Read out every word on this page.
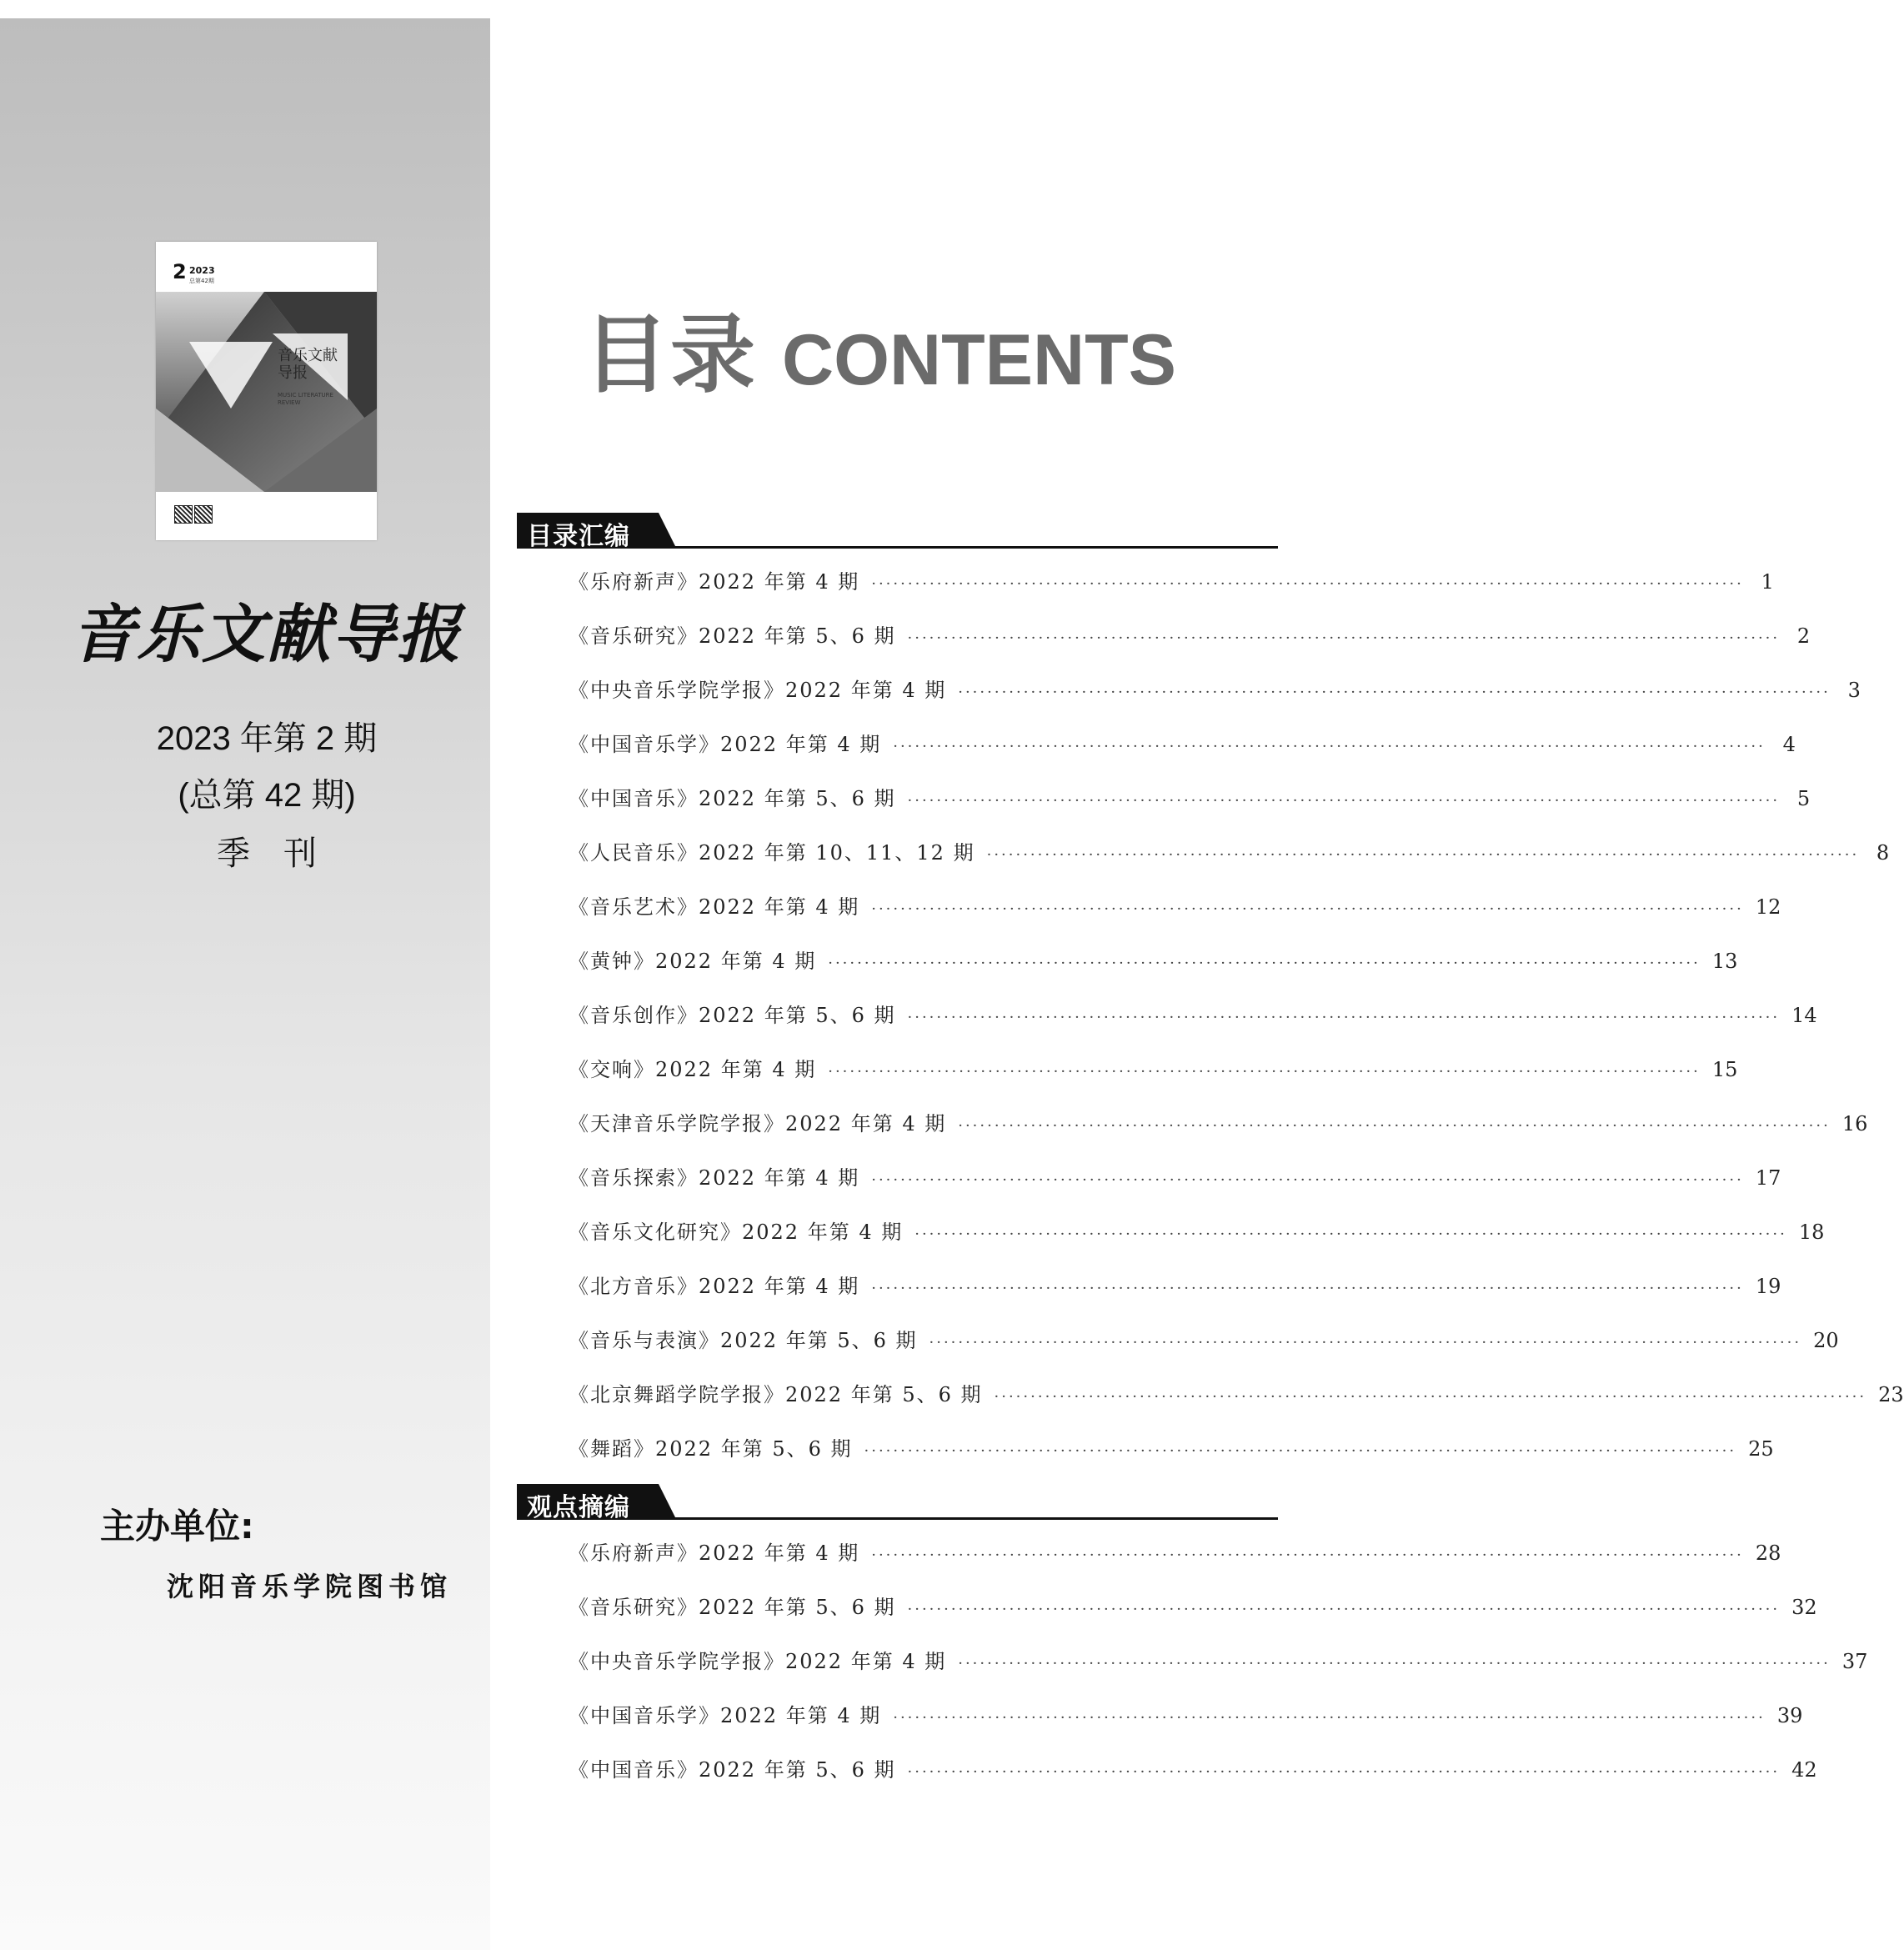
2 2023
总第42期
音乐文献导报
MUSIC LITERATURE REVIEW
音乐文献导报
2023 年第 2 期
(总第 42 期)
季　刊
主办单位:
沈阳音乐学院图书馆
目录 CONTENTS
目录汇编
《乐府新声》2022 年第 4 期 ························································································································ 1
《音乐研究》2022 年第 5、6 期 ························································································································ 2
《中央音乐学院学报》2022 年第 4 期 ························································································································ 3
《中国音乐学》2022 年第 4 期 ························································································································ 4
《中国音乐》2022 年第 5、6 期 ························································································································ 5
《人民音乐》2022 年第 10、11、12 期 ························································································································ 8
《音乐艺术》2022 年第 4 期 ························································································································ 12
《黄钟》2022 年第 4 期 ························································································································ 13
《音乐创作》2022 年第 5、6 期 ························································································································ 14
《交响》2022 年第 4 期 ························································································································ 15
《天津音乐学院学报》2022 年第 4 期 ························································································································ 16
《音乐探索》2022 年第 4 期 ························································································································ 17
《音乐文化研究》2022 年第 4 期 ························································································································ 18
《北方音乐》2022 年第 4 期 ························································································································ 19
《音乐与表演》2022 年第 5、6 期 ························································································································ 20
《北京舞蹈学院学报》2022 年第 5、6 期 ························································································································ 23
《舞蹈》2022 年第 5、6 期 ························································································································ 25
观点摘编
《乐府新声》2022 年第 4 期 ························································································································ 28
《音乐研究》2022 年第 5、6 期 ························································································································ 32
《中央音乐学院学报》2022 年第 4 期 ························································································································ 37
《中国音乐学》2022 年第 4 期 ························································································································ 39
《中国音乐》2022 年第 5、6 期 ························································································································ 42
